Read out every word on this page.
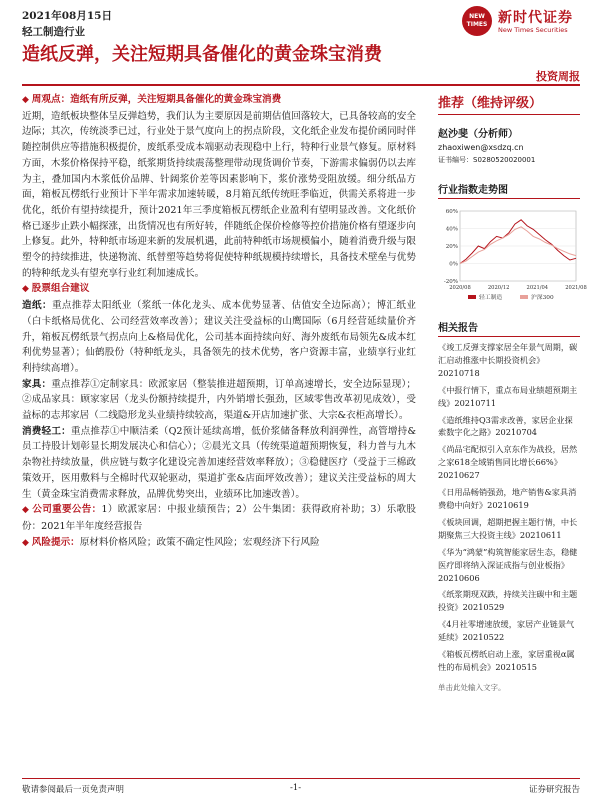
2021年08月15日
轻工制造行业
NEW TIMES 新时代证券
New Times Securities
造纸反弹，关注短期具备催化的黄金珠宝消费
投资周报

◆ 周观点：造纸有所反弹，关注短期具备催化的黄金珠宝消费

近期，造纸板块整体呈反弹趋势，我们认为主要原因是前期估值回落较大，已具备较高的安全边际；其次，传统淡季已过，行业处于景气度向上的拐点阶段，文化纸企业发布提价函同时伴随控制供应等措施积极提价，废纸系受成本端驱动表现稳中上行，特种行业景气修复。原材料方面，木浆价格保持平稳，纸浆期货持续震荡整理带动现货调价节奏，下游需求偏弱仍以去库为主，叠加国内木浆低价品牌、针阔浆价差等因素影响下，浆价涨势受阻放缓。细分纸品方面，箱板瓦楞纸行业预计下半年需求加速转暖，8月箱瓦纸传统旺季临近，供需关系将进一步优化，纸价有望持续提升，预计2021年三季度箱板瓦楞纸企业盈利有望明显改善。文化纸价格已逐步止跌小幅探涨，出货情况也有所好转，伴随纸企保价检修等控价措施价格有望逐步向上修复。此外，特种纸市场迎来新的发展机遇，此前特种纸市场规模偏小，随着消费升级与限塑令的持续推进，快递物流、纸替塑等趋势将促使特种纸规模持续增长，具备技术壁垒与优势的特种纸龙头有望充享行业红利加速成长。

◆ 股票组合建议

造纸：重点推荐太阳纸业（浆纸一体化龙头、成本优势显著、估值安全边际高）；博汇纸业（白卡纸格局优化、公司经营效率改善）；建议关注受益标的山鹰国际（6月经营延续量价齐升，箱板瓦楞纸景气拐点向上&格局优化，公司基本面持续向好、海外废纸布局领先&成本红利优势显著）；仙鹤股份（特种纸龙头，具备领先的技术优势，客户资源丰富，业绩享行业红利持续高增）。

家具：重点推荐①定制家具：欧派家居（整装推进超预期，订单高速增长，安全边际显现）；②成品家具：顾家家居（龙头份额持续提升，内外销增长强劲，区域零售改革初见成效），受益标的志邦家居（二线隐形龙头业绩持续较高，渠道&开店加速扩张、大宗&衣柜高增长）。

消费轻工：重点推荐①中顺洁柔（Q2预计延续高增，低价浆储备释放利润弹性，高管增持&员工持股计划彰显长期发展决心和信心）；②晨光文具（传统渠道超预期恢复，科力普与九木杂物社持续放量，供应链与数字化建设完善加速经营效率释放）；③稳健医疗（受益于三棉政策效开，医用敷料与全棉时代双轮驱动，渠道扩张&店面坪效改善）；建议关注受益标的周大生（黄金珠宝消费需求释放，品牌优势突出，业绩环比加速改善）。

◆ 公司重要公告：1）欧派家居：中报业绩预告；2）公牛集团：获得政府补助；3）乐歌股份：2021年半年度经营报告

◆ 风险提示：原材料价格风险；政策不确定性风险；宏观经济下行风险

推荐（维持评级）
赵沙斐（分析师）
zhaoxiwen@xsdzq.cn
证书编号：S0280520020001
行业指数走势图
60%
40%
20%
0%
-20%
2020/08	2020/12	2021/04	2021/08
轻工制造	沪深300
相关报告
《竣工反弹支撑家居全年景气周期，碳汇启动推涨中长期投资机会》20210718
《中报行情下，重点布局业绩超预期主线》20210711
《造纸维持Q3需求改善，家居企业探索数字化之路》20210704
《尚品宅配拟引入京东作为战投，居然之家618全域销售同比增长66%》20210627
《日用品畅销强劲，地产销售&家具消费稳中向好》20210619
《板块回调，超期把握主题行情，中长期聚焦三大投资主线》20210611
《华为“鸿蒙”构筑智能家居生态，稳健医疗即将纳入深证成指与创业板指》20210606
《纸浆期现双跌，持续关注碳中和主题投资》20210529
《4月社零增速放缓，家居产业链景气延续》20210522
《箱板瓦楞纸启动上涨，家居重视α属性的布局机会》20210515
单击此处输入文字。
敬请参阅最后一页免责声明	-1-	证券研究报告
